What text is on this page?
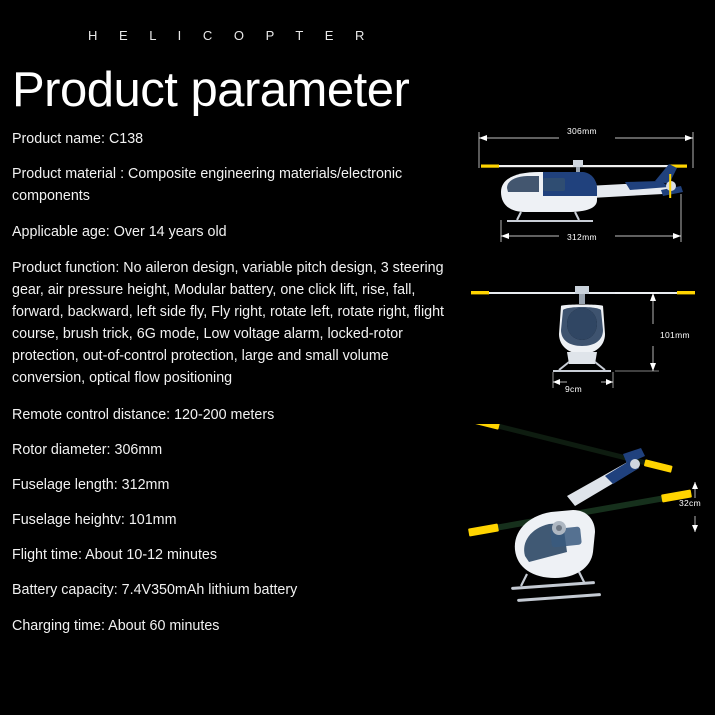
H E L I C O P T E R
Product parameter
Product name: C138
Product material : Composite engineering materials/electronic components
Applicable age: Over 14 years old
Product function: No aileron design, variable pitch design, 3 steering gear, air pressure height, Modular battery, one click lift, rise, fall, forward, backward, left side fly, Fly right, rotate left, rotate right, flight course, brush trick, 6G mode, Low voltage alarm, locked-rotor protection, out-of-control protection, large and small volume conversion, optical flow positioning
Remote control distance: 120-200 meters
Rotor diameter: 306mm
Fuselage length: 312mm
Fuselage heightv: 101mm
Flight time: About 10-12 minutes
Battery capacity: 7.4V350mAh lithium battery
Charging time: About 60 minutes
306mm
312mm
101mm
9cm
32cm
